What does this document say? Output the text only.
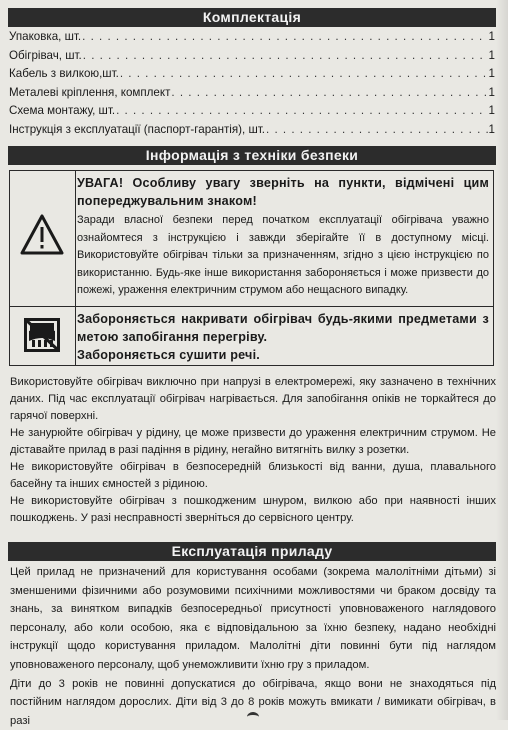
Комплектація
Упаковка, шт. . . .	1
Обігрівач, шт. . . .	1
Кабель з вилкою,шт. . . .	1
Металеві кріплення, комплект . . .	1
Схема монтажу, шт. . . .	1
Інструкція з експлуатації (паспорт-гарантія), шт. . . .	1
Інформація з техніки безпеки
УВАГА! Особливу увагу зверніть на пункти, відмічені цим попереджувальним знаком!
Заради власної безпеки перед початком експлуатації обігрівача уважно ознайомтеся з інструкцією і завжди зберігайте її в доступному місці. Використовуйте обігрівач тільки за призначенням, згідно з цією інструкцією по використанню. Будь-яке інше використання забороняється і може призвести до пожежі, ураження електричним струмом або нещасного випадку.
Забороняється накривати обігрівач будь-якими предметами з метою запобігання перегріву.
Забороняється сушити речі.

Використовуйте обігрівач виключно при напрузі в електромережі, яку зазначено в технічних даних. Під час експлуатації обігрівач нагрівається. Для запобігання опіків не торкайтеся до гарячої поверхні.

Не занурюйте обігрівач у рідину, це може призвести до ураження електричним струмом. Не діставайте прилад в разі падіння в рідину, негайно витягніть вилку з розетки.

Не використовуйте обігрівач в безпосередній близькості від ванни, душа, плавального басейну та інших ємностей з рідиною.

Не використовуйте обігрівач з пошкодженим шнуром, вилкою або при наявності інших пошкоджень. У разі несправності зверніться до сервісного центру.

Експлуатація приладу

Цей прилад не призначений для користування особами (зокрема малолітніми дітьми) зі зменшеними фізичними або розумовими психічними можливостями чи браком досвіду та знань, за винятком випадків безпосередньої присутності уповноваженого наглядового персоналу, або коли особою, яка є відповідальною за їхню безпеку, надано необхідні інструкції щодо користування приладом. Малолітні діти повинні бути під наглядом уповноваженого персоналу, щоб унеможливити їхню гру з приладом.

Діти до 3 років не повинні допускатися до обігрівача, якщо вони не знаходяться під постійним наглядом дорослих. Діти від 3 до 8 років можуть вмикати / вимикати обігрівач, в разі
